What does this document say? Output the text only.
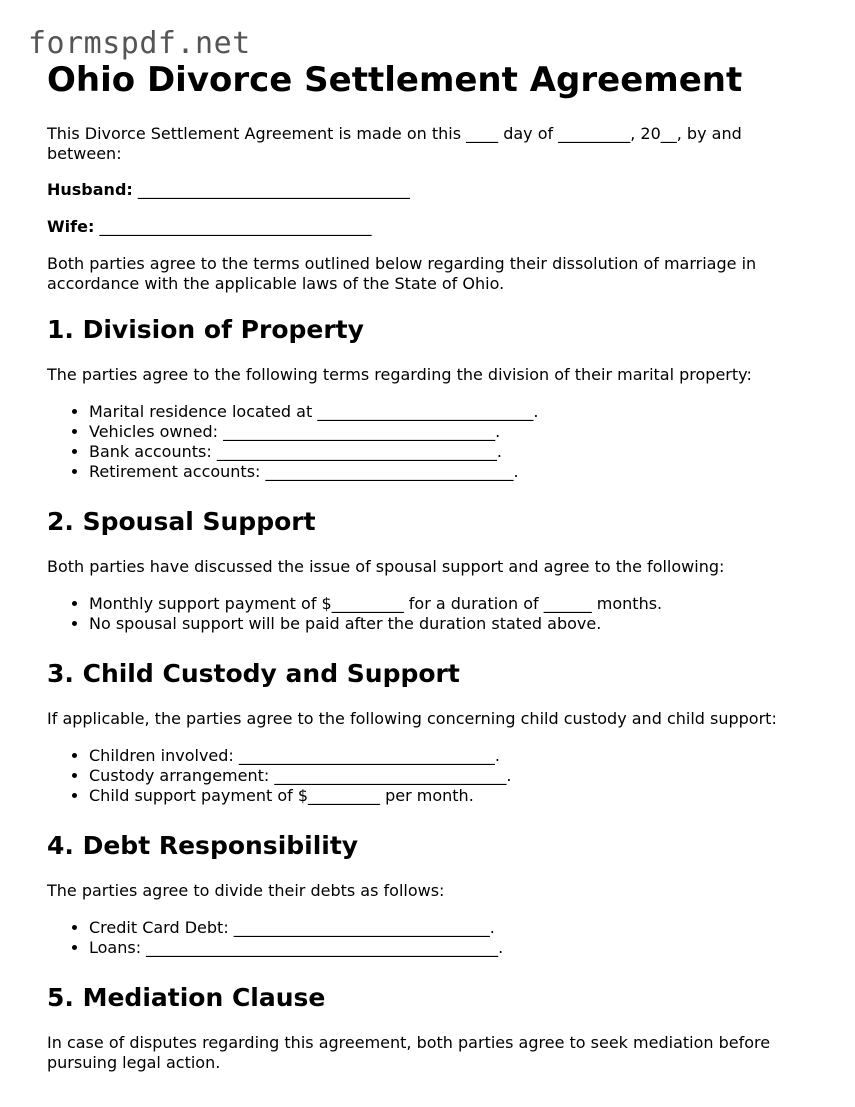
formspdf.net
Ohio Divorce Settlement Agreement

This Divorce Settlement Agreement is made on this ____ day of _________, 20__, by and between:

Husband: __________________________________

Wife: __________________________________

Both parties agree to the terms outlined below regarding their dissolution of marriage in accordance with the applicable laws of the State of Ohio.

1. Division of Property

The parties agree to the following terms regarding the division of their marital property:

• Marital residence located at ___________________________.
• Vehicles owned: __________________________________.
• Bank accounts: ___________________________________.
• Retirement accounts: _______________________________.
2. Spousal Support

Both parties have discussed the issue of spousal support and agree to the following:

• Monthly support payment of $_________ for a duration of ______ months.
• No spousal support will be paid after the duration stated above.
3. Child Custody and Support

If applicable, the parties agree to the following concerning child custody and child support:

• Children involved: ________________________________.
• Custody arrangement: _____________________________.
• Child support payment of $_________ per month.
4. Debt Responsibility

The parties agree to divide their debts as follows:

• Credit Card Debt: ________________________________.
• Loans: ____________________________________________.
5. Mediation Clause

In case of disputes regarding this agreement, both parties agree to seek mediation before pursuing legal action.
